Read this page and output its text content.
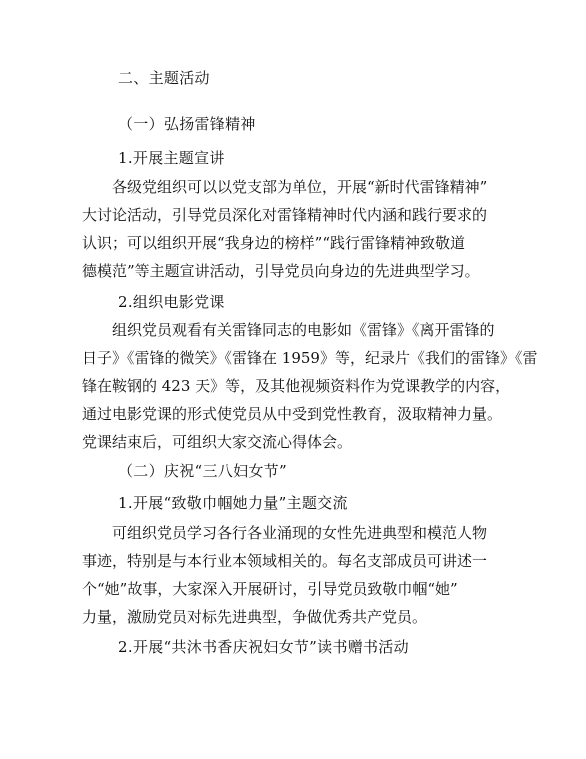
二、主题活动
（一）弘扬雷锋精神
1.开展主题宣讲

各级党组织可以以党支部为单位，开展“新时代雷锋精神”

大讨论活动，引导党员深化对雷锋精神时代内涵和践行要求的

认识；可以组织开展“我身边的榜样”“践行雷锋精神致敬道

德模范”等主题宣讲活动，引导党员向身边的先进典型学习。

2.组织电影党课

组织党员观看有关雷锋同志的电影如《雷锋》《离开雷锋的

日子》《雷锋的微笑》《雷锋在 1959》等，纪录片《我们的雷锋》《雷

锋在鞍钢的 423 天》等，及其他视频资料作为党课教学的内容，

通过电影党课的形式使党员从中受到党性教育，汲取精神力量。

党课结束后，可组织大家交流心得体会。

（二）庆祝“三八妇女节”
1.开展“致敬巾帼她力量”主题交流

可组织党员学习各行各业涌现的女性先进典型和模范人物

事迹，特别是与本行业本领域相关的。每名支部成员可讲述一

个“她”故事，大家深入开展研讨，引导党员致敬巾帼“她”

力量，激励党员对标先进典型，争做优秀共产党员。

2.开展“共沐书香庆祝妇女节”读书赠书活动
